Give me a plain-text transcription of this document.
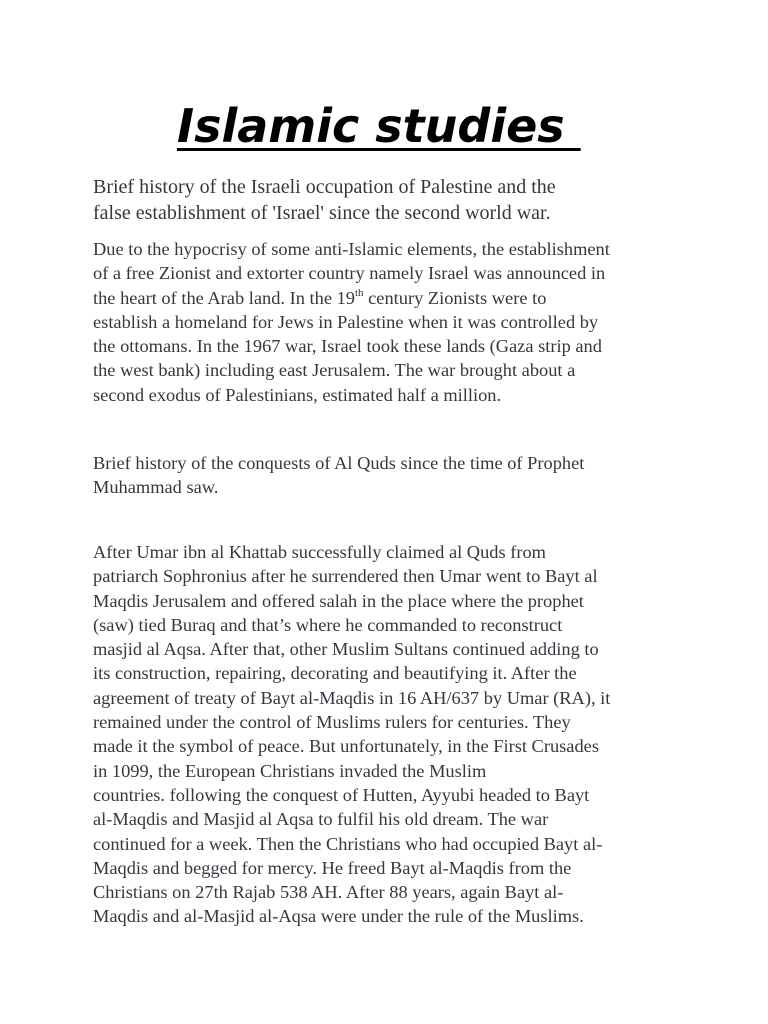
Islamic studies

Brief history of the Israeli occupation of Palestine and the
false establishment of 'Israel' since the second world war.

Due to the hypocrisy of some anti-Islamic elements, the establishment
of a free Zionist and extorter country namely Israel was announced in
the heart of the Arab land. In the 19th century Zionists were to
establish a homeland for Jews in Palestine when it was controlled by
the ottomans. In the 1967 war, Israel took these lands (Gaza strip and
the west bank) including east Jerusalem. The war brought about a
second exodus of Palestinians, estimated half a million.

Brief history of the conquests of Al Quds since the time of Prophet
Muhammad saw.

After Umar ibn al Khattab successfully claimed al Quds from
patriarch Sophronius after he surrendered then Umar went to Bayt al
Maqdis Jerusalem and offered salah in the place where the prophet
(saw) tied Buraq and that’s where he commanded to reconstruct
masjid al Aqsa. After that, other Muslim Sultans continued adding to
its construction, repairing, decorating and beautifying it. After the
agreement of treaty of Bayt al-Maqdis in 16 AH/637 by Umar (RA), it
remained under the control of Muslims rulers for centuries. They
made it the symbol of peace. But unfortunately, in the First Crusades
in 1099, the European Christians invaded the Muslim
countries. following the conquest of Hutten, Ayyubi headed to Bayt
al-Maqdis and Masjid al Aqsa to fulfil his old dream. The war
continued for a week. Then the Christians who had occupied Bayt al-
Maqdis and begged for mercy. He freed Bayt al-Maqdis from the
Christians on 27th Rajab 538 AH. After 88 years, again Bayt al-
Maqdis and al-Masjid al-Aqsa were under the rule of the Muslims.
